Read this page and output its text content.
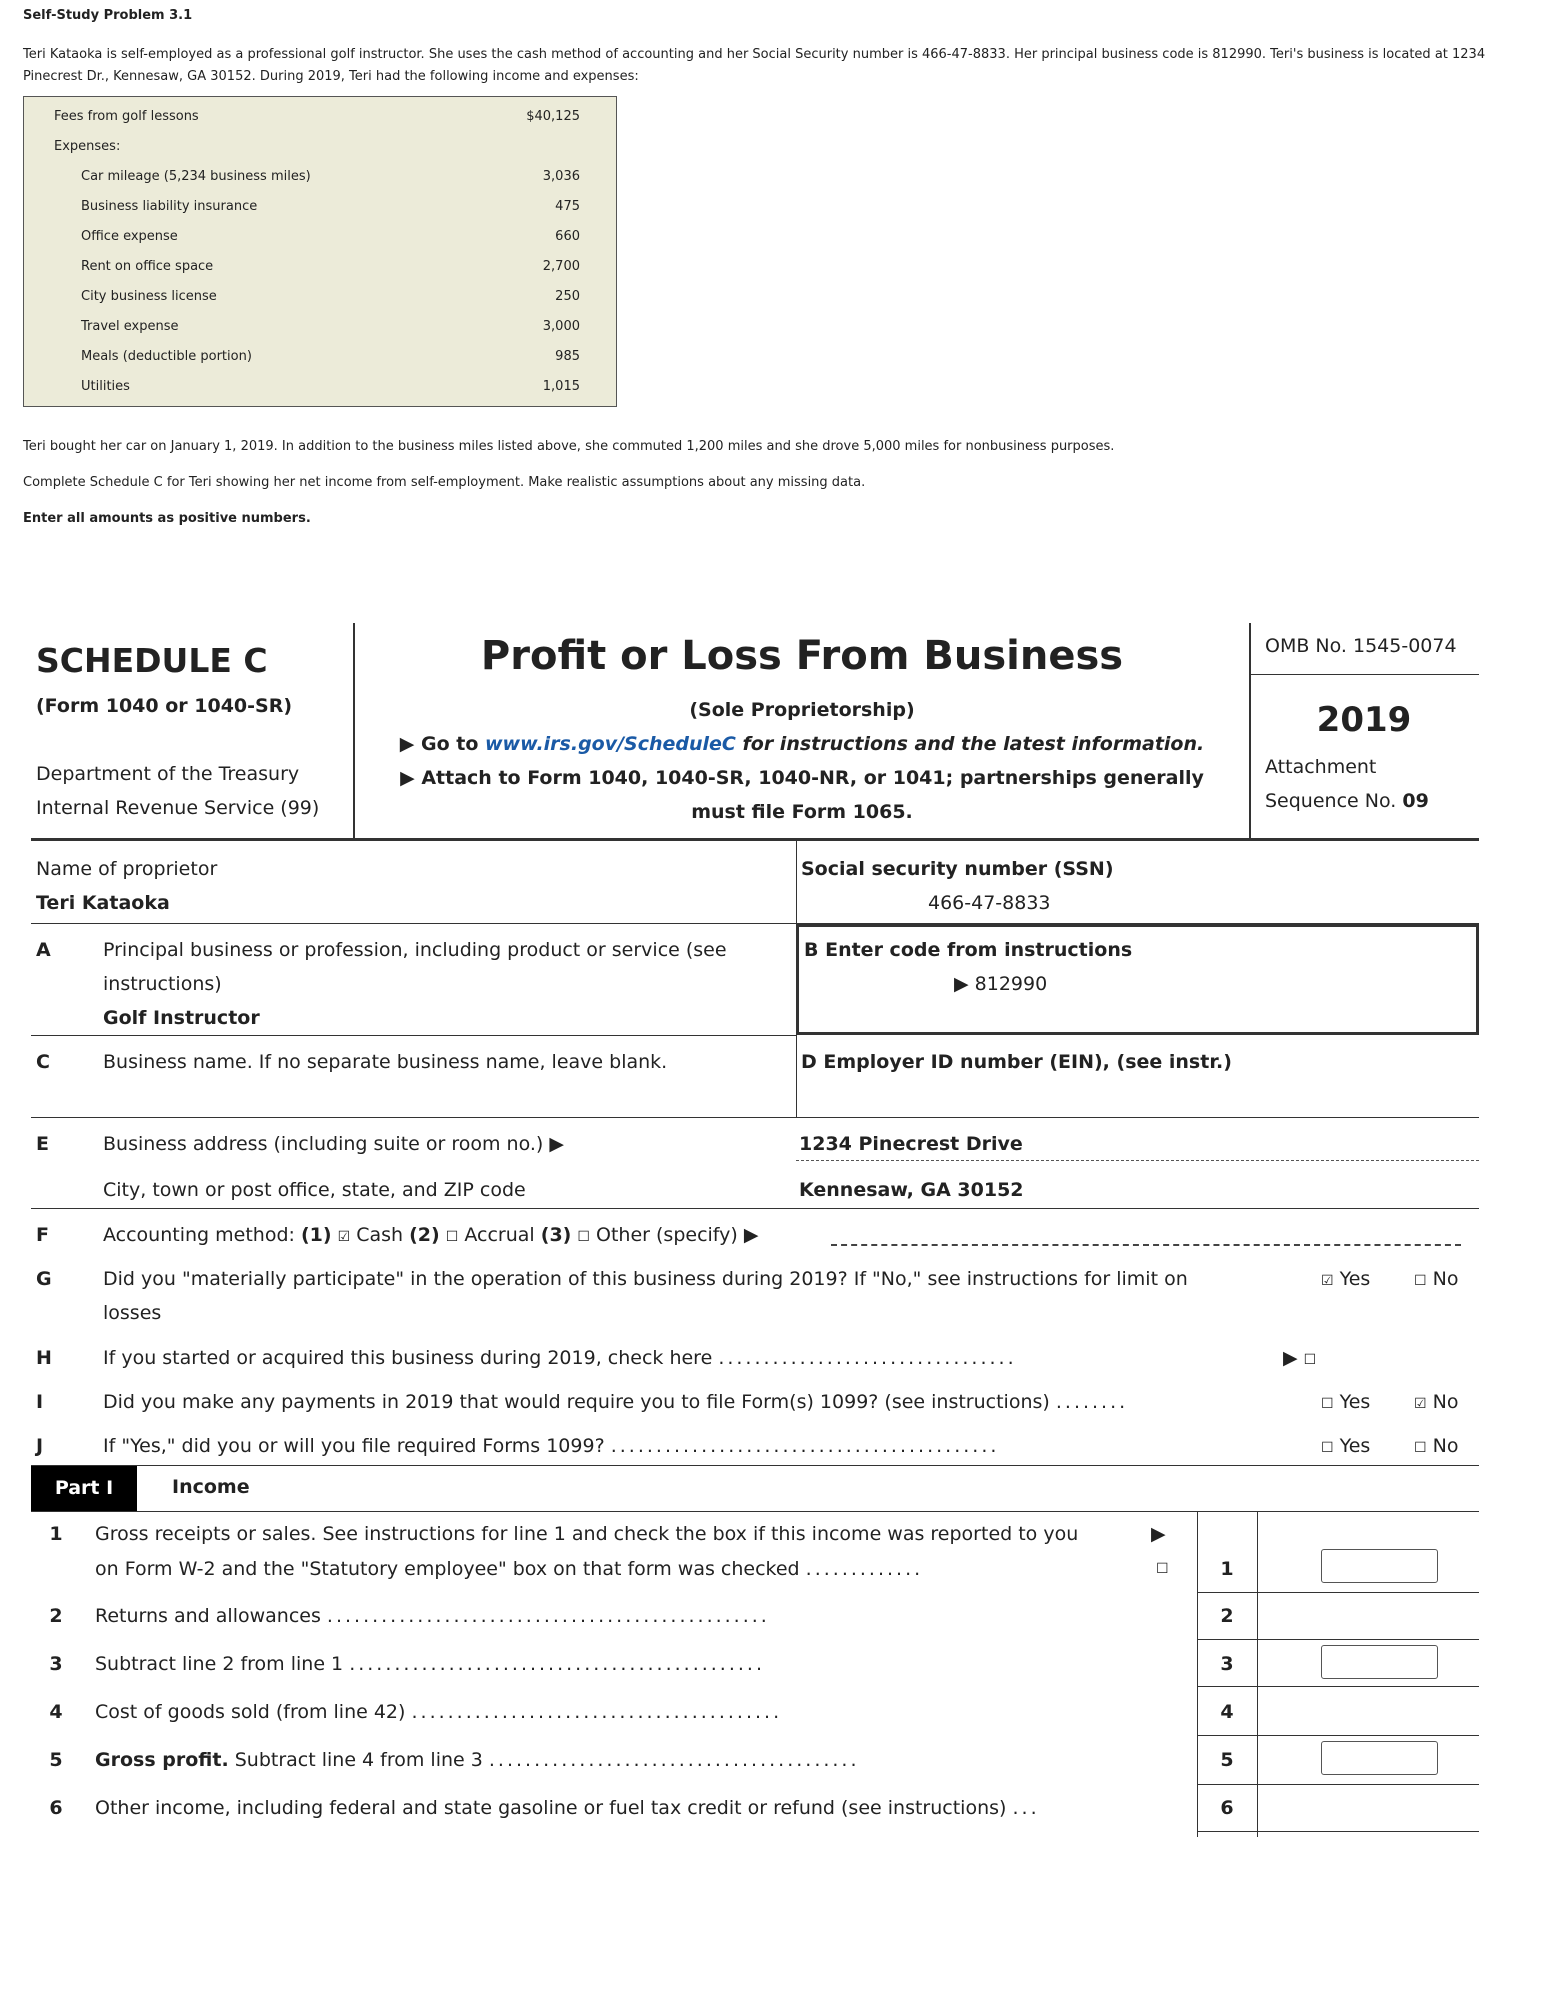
Self-Study Problem 3.1
Teri Kataoka is self-employed as a professional golf instructor. She uses the cash method of accounting and her Social Security number is 466-47-8833. Her principal business code is 812990. Teri's business is located at 1234 Pinecrest Dr., Kennesaw, GA 30152. During 2019, Teri had the following income and expenses:
Fees from golf lessons	$40,125
Expenses:
Car mileage (5,234 business miles)	3,036
Business liability insurance	475
Office expense	660
Rent on office space	2,700
City business license	250
Travel expense	3,000
Meals (deductible portion)	985
Utilities	1,015
Teri bought her car on January 1, 2019. In addition to the business miles listed above, she commuted 1,200 miles and she drove 5,000 miles for nonbusiness purposes.
Complete Schedule C for Teri showing her net income from self-employment. Make realistic assumptions about any missing data.
Enter all amounts as positive numbers.
SCHEDULE C
(Form 1040 or 1040-SR)
Department of the Treasury
Internal Revenue Service (99)
Profit or Loss From Business
(Sole Proprietorship)
▶ Go to www.irs.gov/ScheduleC for instructions and the latest information.
▶ Attach to Form 1040, 1040-SR, 1040-NR, or 1041; partnerships generally
must file Form 1065.
OMB No. 1545-0074
2019
Attachment
Sequence No. 09
Name of proprietor
Teri Kataoka
Social security number (SSN)
466-47-8833
A	Principal business or profession, including product or service (see
instructions)
Golf Instructor
B Enter code from instructions
▶ 812990
C	Business name. If no separate business name, leave blank.	D Employer ID number (EIN), (see instr.)
E	Business address (including suite or room no.) ▶	1234 Pinecrest Drive
City, town or post office, state, and ZIP code	Kennesaw, GA 30152
F	Accounting method: (1) ☑ Cash (2) ☐ Accrual (3) ☐ Other (specify) ▶
G	Did you "materially participate" in the operation of this business during 2019? If "No," see instructions for limit on
losses
☑ Yes	☐ No
H	If you started or acquired this business during 2019, check here .................................	▶ ☐
I	Did you make any payments in 2019 that would require you to file Form(s) 1099? (see instructions) ........	☐ Yes	☑ No
J	If "Yes," did you or will you file required Forms 1099? ...........................................	☐ Yes	☐ No
Part I	Income
1	Gross receipts or sales. See instructions for line 1 and check the box if this income was reported to you
on Form W-2 and the "Statutory employee" box on that form was checked .............
▶
☐	1
2	Returns and allowances .................................................	2
3	Subtract line 2 from line 1 ..............................................	3
4	Cost of goods sold (from line 42) .........................................	4
5	Gross profit. Subtract line 4 from line 3 .........................................	5
6	Other income, including federal and state gasoline or fuel tax credit or refund (see instructions) ...	6
